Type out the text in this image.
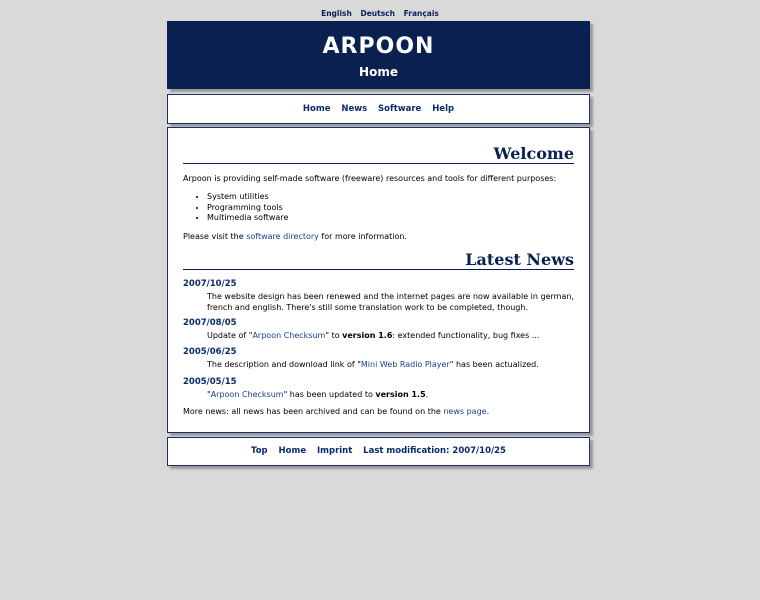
English Deutsch Français
ARPOON
Home
Home News Software Help
Welcome
Arpoon is providing self-made software (freeware) resources and tools for different purposes:
• System utilities
• Programming tools
• Multimedia software
Please visit the software directory for more information.
Latest News
2007/10/25
The website design has been renewed and the internet pages are now available in german, french and english. There's still some translation work to be completed, though.
2007/08/05
Update of "Arpoon Checksum" to version 1.6: extended functionality, bug fixes ...
2005/06/25
The description and download link of "Mini Web Radio Player" has been actualized.
2005/05/15
"Arpoon Checksum" has been updated to version 1.5.
More news: all news has been archived and can be found on the news page.
Top Home Imprint Last modification: 2007/10/25
